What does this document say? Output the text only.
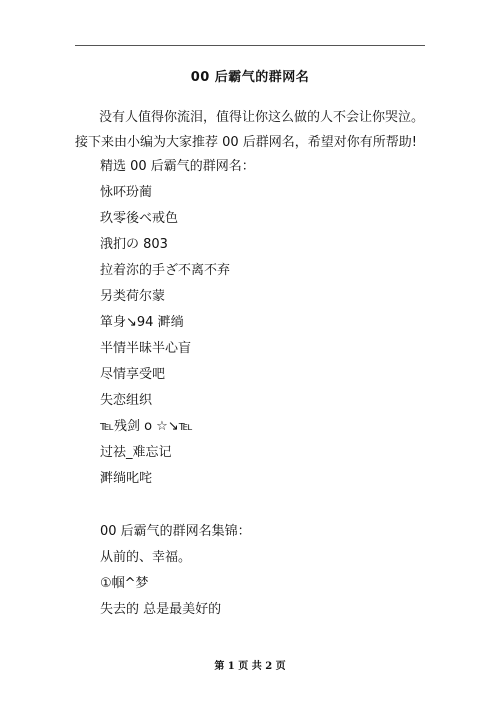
00 后霸气的群网名
没有人值得你流泪，值得让你这么做的人不会让你哭泣。 接下来由小编为大家推荐 00 后群网名，希望对你有所帮助!
精选 00 后霸气的群网名：
怺吥玢蔺
玖零後ベ戒色
涐扪の 803
拉着沵的手ざ不离不弃
另类荷尔蒙
箪身↘94 溿绱
半情半昧半心盲
尽情享受吧
失恋组织
℡残剑 o ☆↘℡
过祛_难忘记
溿绱叱咤
00 后霸气的群网名集锦：
从前的、幸福。
①帼^梦
失去的 总是最美好的
第 1 页 共 2 页
